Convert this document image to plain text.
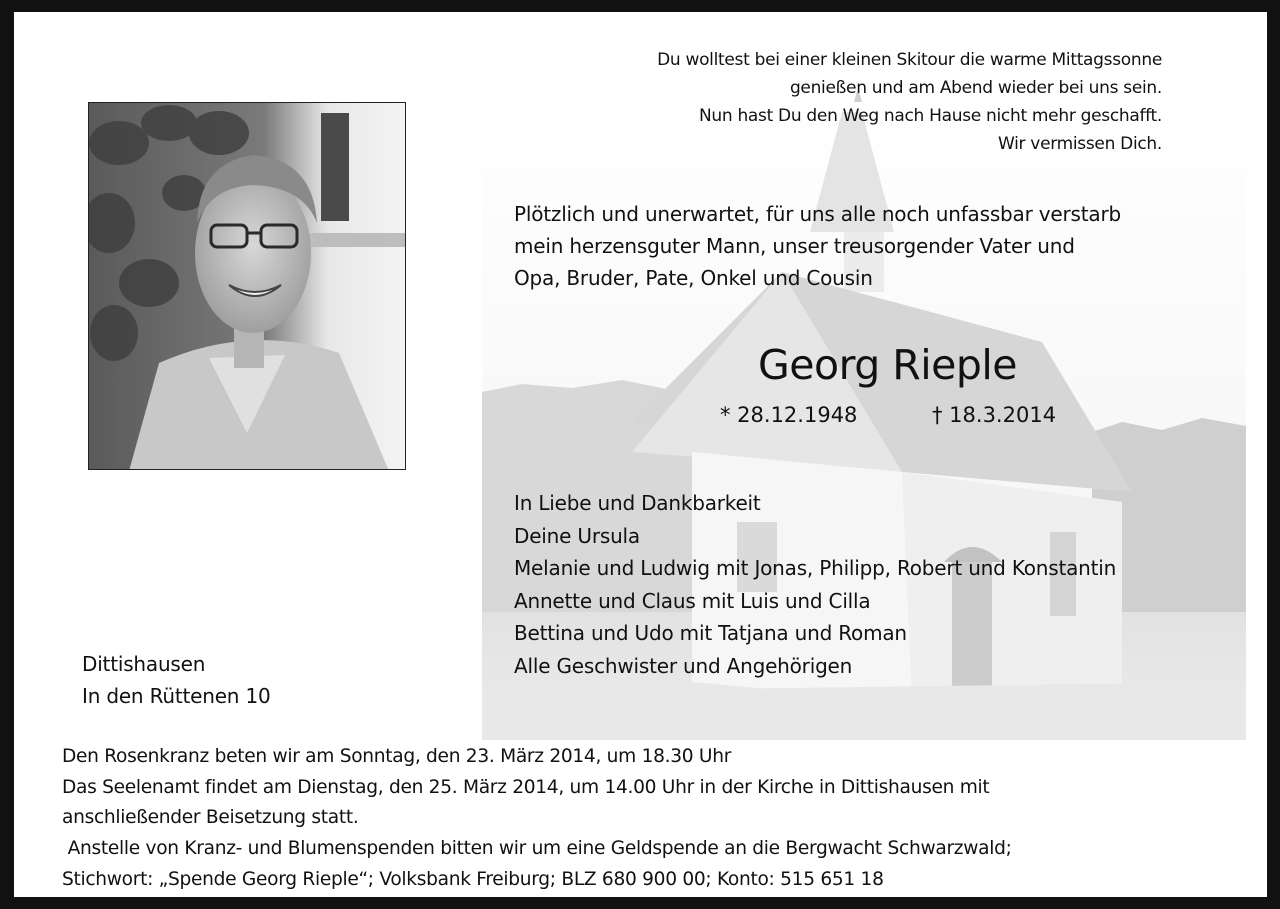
Du wolltest bei einer kleinen Skitour die warme Mittagssonne
genießen und am Abend wieder bei uns sein.
Nun hast Du den Weg nach Hause nicht mehr geschafft.
Wir vermissen Dich.
Plötzlich und unerwartet, für uns alle noch unfassbar verstarb
mein herzensguter Mann, unser treusorgender Vater und
Opa, Bruder, Pate, Onkel und Cousin
Georg Rieple
* 28.12.1948	† 18.3.2014
In Liebe und Dankbarkeit
Deine Ursula
Melanie und Ludwig mit Jonas, Philipp, Robert und Konstantin
Annette und Claus mit Luis und Cilla
Bettina und Udo mit Tatjana und Roman
Alle Geschwister und Angehörigen
Dittishausen
In den Rüttenen 10
Den Rosenkranz beten wir am Sonntag, den 23. März 2014, um 18.30 Uhr
Das Seelenamt findet am Dienstag, den 25. März 2014, um 14.00 Uhr in der Kirche in Dittishausen mit
anschließender Beisetzung statt.
Anstelle von Kranz- und Blumenspenden bitten wir um eine Geldspende an die Bergwacht Schwarzwald;
Stichwort: „Spende Georg Rieple“; Volksbank Freiburg; BLZ 680 900 00; Konto: 515 651 18
